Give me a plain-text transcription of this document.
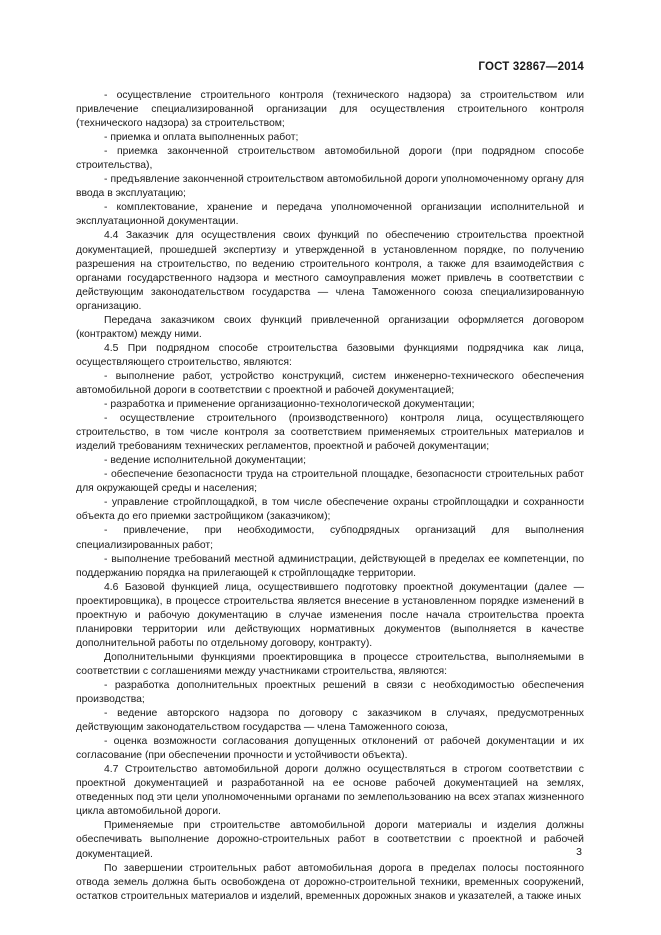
ГОСТ 32867—2014

- осуществление строительного контроля (технического надзора) за строительством или привлечение специализированной организации для осуществления строительного контроля (технического надзора) за строительством;

- приемка и оплата выполненных работ;

- приемка законченной строительством автомобильной дороги (при подрядном способе строительства),

- предъявление законченной строительством автомобильной дороги уполномоченному органу для ввода в эксплуатацию;

- комплектование, хранение и передача уполномоченной организации исполнительной и эксплуатационной документации.

4.4 Заказчик для осуществления своих функций по обеспечению строительства проектной документацией, прошедшей экспертизу и утвержденной в установленном порядке, по получению разрешения на строительство, по ведению строительного контроля, а также для взаимодействия с органами государственного надзора и местного самоуправления может привлечь в соответствии с действующим законодательством государства — члена Таможенного союза специализированную организацию.

Передача заказчиком своих функций привлеченной организации оформляется договором (контрактом) между ними.

4.5 При подрядном способе строительства базовыми функциями подрядчика как лица, осуществляющего строительство, являются:

- выполнение работ, устройство конструкций, систем инженерно-технического обеспечения автомобильной дороги в соответствии с проектной и рабочей документацией;

- разработка и применение организационно-технологической документации;

- осуществление строительного (производственного) контроля лица, осуществляющего строительство, в том числе контроля за соответствием применяемых строительных материалов и изделий требованиям технических регламентов, проектной и рабочей документации;

- ведение исполнительной документации;

- обеспечение безопасности труда на строительной площадке, безопасности строительных работ для окружающей среды и населения;

- управление стройплощадкой, в том числе обеспечение охраны стройплощадки и сохранности объекта до его приемки застройщиком (заказчиком);

- привлечение, при необходимости, субподрядных организаций для выполнения специализированных работ;

- выполнение требований местной администрации, действующей в пределах ее компетенции, по поддержанию порядка на прилегающей к стройплощадке территории.

4.6 Базовой функцией лица, осуществившего подготовку проектной документации (далее — проектировщика), в процессе строительства является внесение в установленном порядке изменений в проектную и рабочую документацию в случае изменения после начала строительства проекта планировки территории или действующих нормативных документов (выполняется в качестве дополнительной работы по отдельному договору, контракту).

Дополнительными функциями проектировщика в процессе строительства, выполняемыми в соответствии с соглашениями между участниками строительства, являются:

- разработка дополнительных проектных решений в связи с необходимостью обеспечения производства;

- ведение авторского надзора по договору с заказчиком в случаях, предусмотренных действующим законодательством государства — члена Таможенного союза,

- оценка возможности согласования допущенных отклонений от рабочей документации и их согласование (при обеспечении прочности и устойчивости объекта).

4.7 Строительство автомобильной дороги должно осуществляться в строгом соответствии с проектной документацией и разработанной на ее основе рабочей документацией на землях, отведенных под эти цели уполномоченными органами по землепользованию на всех этапах жизненного цикла автомобильной дороги.

Применяемые при строительстве автомобильной дороги материалы и изделия должны обеспечивать выполнение дорожно-строительных работ в соответствии с проектной и рабочей документацией.

По завершении строительных работ автомобильная дорога в пределах полосы постоянного отвода земель должна быть освобождена от дорожно-строительной техники, временных сооружений, остатков строительных материалов и изделий, временных дорожных знаков и указателей, а также иных

3
